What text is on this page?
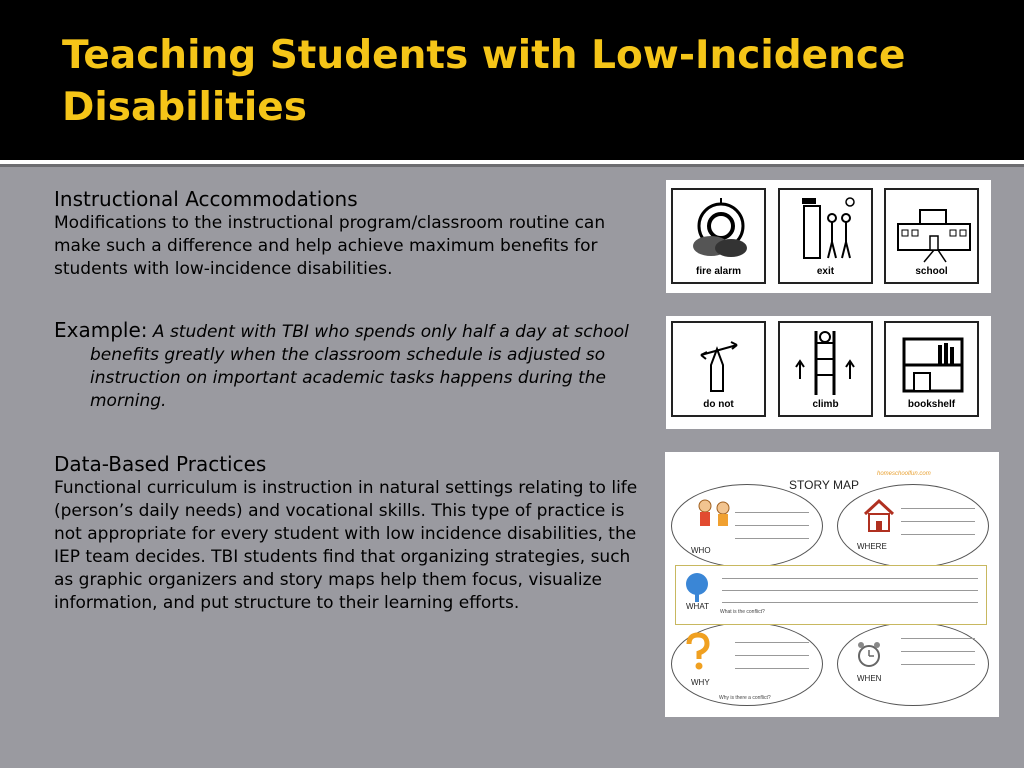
Teaching Students with Low-Incidence Disabilities
Instructional Accommodations

Modifications to the instructional program/classroom routine can make such a difference and help achieve maximum benefits for students with low-incidence disabilities.

Example: A student with TBI who spends only half a day at school benefits greatly when the classroom schedule is adjusted so instruction on important academic tasks happens during the morning.

Data-Based Practices

Functional curriculum is instruction in natural settings relating to life (person’s daily needs) and vocational skills. This type of practice is not appropriate for every student with low incidence disabilities, the IEP team decides. TBI students find that organizing strategies, such as graphic organizers and story maps help them focus, visualize information, and put structure to their learning efforts.

fire alarm	exit	school
do not	climb	bookshelf
STORY MAP
homeschoolfun.com
WHO	WHERE
WHY
Why is there a conflict?
WHEN
WHAT
What is the conflict?
